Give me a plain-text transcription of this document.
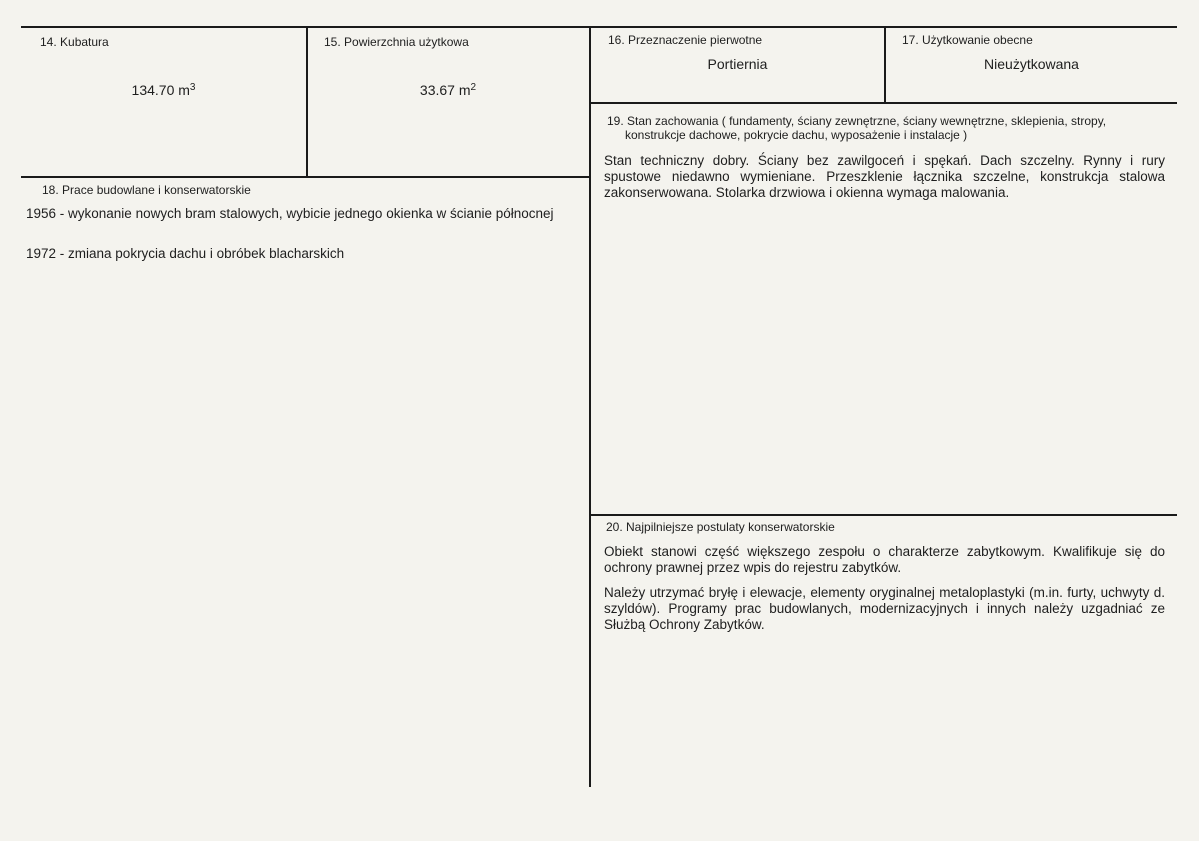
14. Kubatura
134.70 $m^3$
15. Powierzchnia użytkowa
33.67 $m^2$
16. Przeznaczenie pierwotne
Portiernia
17. Użytkowanie obecne
Nieużytkowana
18. Prace budowlane i konserwatorskie
1956 - wykonanie nowych bram stalowych, wybicie jednego okienka w ścianie północnej
1972 - zmiana pokrycia dachu i obróbek blacharskich
19. Stan zachowania ( fundamenty, ściany zewnętrzne, ściany wewnętrzne, sklepienia, stropy,
konstrukcje dachowe, pokrycie dachu, wyposażenie i instalacje )
Stan techniczny dobry. Ściany bez zawilgoceń i spękań. Dach szczelny. Rynny i rury spustowe niedawno wymieniane. Przeszklenie łącznika szczelne, konstrukcja stalowa zakonserwowana. Stolarka drzwiowa i okienna wymaga malowania.
20. Najpilniejsze postulaty konserwatorskie
Obiekt stanowi część większego zespołu o charakterze zabytkowym. Kwalifikuje się do ochrony prawnej przez wpis do rejestru zabytków.
Należy utrzymać bryłę i elewacje, elementy oryginalnej metaloplastyki (m.in. furty, uchwyty d. szyldów). Programy prac budowlanych, modernizacyjnych i innych należy uzgadniać ze Służbą Ochrony Zabytków.
